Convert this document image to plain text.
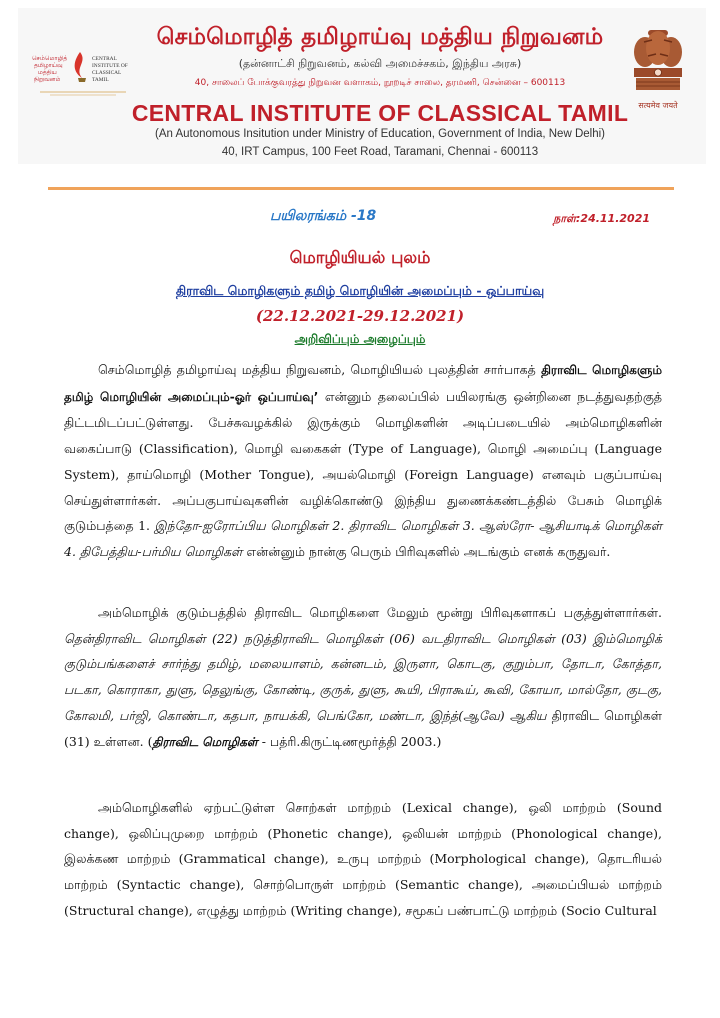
செம்மொழித்
தமிழாய்வு
மத்திய
நிறுவனம்
CENTRAL
INSTITUTE OF
CLASSICAL
TAMIL
सत्यमेव जयते
செம்மொழித் தமிழாய்வு மத்திய நிறுவனம்
(தன்னாட்சி நிறுவனம், கல்வி அமைச்சகம், இந்திய அரசு)
40, சாலைப் போக்குவரத்து நிறுவன வளாகம், நூறடிச் சாலை, தரமணி, சென்னை – 600113
CENTRAL INSTITUTE OF CLASSICAL TAMIL
(An Autonomous Insitution under Ministry of Education, Government of India, New Delhi)
40, IRT Campus, 100 Feet Road, Taramani, Chennai - 600113
பயிலரங்கம் -18	நாள்:24.11.2021
மொழியியல் புலம்
திராவிட மொழிகளும் தமிழ் மொழியின் அமைப்பும் - ஒப்பாய்வு
(22.12.2021-29.12.2021)
அறிவிப்பும் அழைப்பும்
செம்மொழித் தமிழாய்வு மத்திய நிறுவனம், மொழியியல் புலத்தின் சார்பாகத் திராவிட மொழிகளும் தமிழ் மொழியின் அமைப்பும்-ஓர் ஒப்பாய்வு’ என்னும் தலைப்பில் பயிலரங்கு ஒன்றினை நடத்துவதற்குத் திட்டமிடப்பட்டுள்ளது. பேச்சுவழக்கில் இருக்கும் மொழிகளின் அடிப்படையில் அம்மொழிகளின் வகைப்பாடு (Classification), மொழி வகைகள் (Type of Language), மொழி அமைப்பு (Language System), தாய்மொழி (Mother Tongue), அயல்மொழி (Foreign Language) எனவும் பகுப்பாய்வு செய்துள்ளார்கள். அப்பகுபாய்வுகளின் வழிக்கொண்டு இந்திய துணைக்கண்டத்தில் பேசும் மொழிக் குடும்பத்தை 1. இந்தோ-ஐரோப்பிய மொழிகள் 2. திராவிட மொழிகள் 3. ஆஸ்ரோ- ஆசியாடிக் மொழிகள் 4. திபேத்திய-பர்மிய மொழிகள் என்ன்னும் நான்கு பெரும் பிரிவுகளில் அடங்கும் எனக் கருதுவர்.
அம்மொழிக் குடும்பத்தில் திராவிட மொழிகளை மேலும் மூன்று பிரிவுகளாகப் பகுத்துள்ளார்கள். தென்திராவிட மொழிகள் (22) நடுத்திராவிட மொழிகள் (06) வடதிராவிட மொழிகள் (03) இம்மொழிக் குடும்பங்களைச் சார்ந்து தமிழ், மலையாளம், கன்னடம், இருளா, கொடகு, குறும்பா, தோடா, கோத்தா, படகா, கொராகா, துளு, தெலுங்கு, கோண்டி, குருக், துளு, கூயி, பிராகூய், கூவி, கோயா, மால்தோ, குடகு, கோலமி, பர்ஜி, கொண்டா, கதபா, நாயக்கி, பெங்கோ, மண்டா, இந்த்(ஆவே) ஆகிய திராவிட மொழிகள் (31) உள்ளன. (திராவிட மொழிகள் - பத்ரி.கிருட்டிணமூர்த்தி 2003.)
அம்மொழிகளில் ஏற்பட்டுள்ள சொற்கள் மாற்றம் (Lexical change), ஒலி மாற்றம் (Sound change), ஒலிப்புமுறை மாற்றம் (Phonetic change), ஒலியன் மாற்றம் (Phonological change), இலக்கண மாற்றம் (Grammatical change), உருபு மாற்றம் (Morphological change), தொடரியல் மாற்றம் (Syntactic change), சொற்பொருள் மாற்றம் (Semantic change), அமைப்பியல் மாற்றம் (Structural change), எழுத்து மாற்றம் (Writing change), சமூகப் பண்பாட்டு மாற்றம் (Socio Cultural
